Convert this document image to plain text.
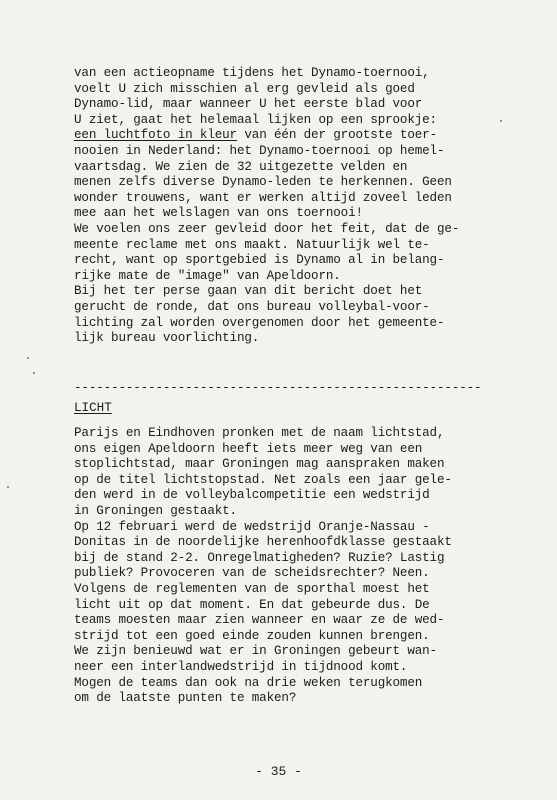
van een actieopname tijdens het Dynamo-toernooi,
voelt U zich misschien al erg gevleid als goed
Dynamo-lid, maar wanneer U het eerste blad voor
U ziet, gaat het helemaal lijken op een sprookje:
een luchtfoto in kleur van één der grootste toer-
nooien in Nederland: het Dynamo-toernooi op hemel-
vaartsdag. We zien de 32 uitgezette velden en
menen zelfs diverse Dynamo-leden te herkennen. Geen
wonder trouwens, want er werken altijd zoveel leden
mee aan het welslagen van ons toernooi!
We voelen ons zeer gevleid door het feit, dat de ge-
meente reclame met ons maakt. Natuurlijk wel te-
recht, want op sportgebied is Dynamo al in belang-
rijke mate de "image" van Apeldoorn.
Bij het ter perse gaan van dit bericht doet het
gerucht de ronde, dat ons bureau volleybal-voor-
lichting zal worden overgenomen door het gemeente-
lijk bureau voorlichting.
-------------------------------------------------------
LICHT
Parijs en Eindhoven pronken met de naam lichtstad,
ons eigen Apeldoorn heeft iets meer weg van een
stoplichtstad, maar Groningen mag aanspraken maken
op de titel lichtstopstad. Net zoals een jaar gele-
den werd in de volleybalcompetitie een wedstrijd
in Groningen gestaakt.
Op 12 februari werd de wedstrijd Oranje-Nassau -
Donitas in de noordelijke herenhoofdklasse gestaakt
bij de stand 2-2. Onregelmatigheden? Ruzie? Lastig
publiek? Provoceren van de scheidsrechter? Neen.
Volgens de reglementen van de sporthal moest het
licht uit op dat moment. En dat gebeurde dus. De
teams moesten maar zien wanneer en waar ze de wed-
strijd tot een goed einde zouden kunnen brengen.
We zijn benieuwd wat er in Groningen gebeurt wan-
neer een interlandwedstrijd in tijdnood komt.
Mogen de teams dan ook na drie weken terugkomen
om de laatste punten te maken?
- 35 -
